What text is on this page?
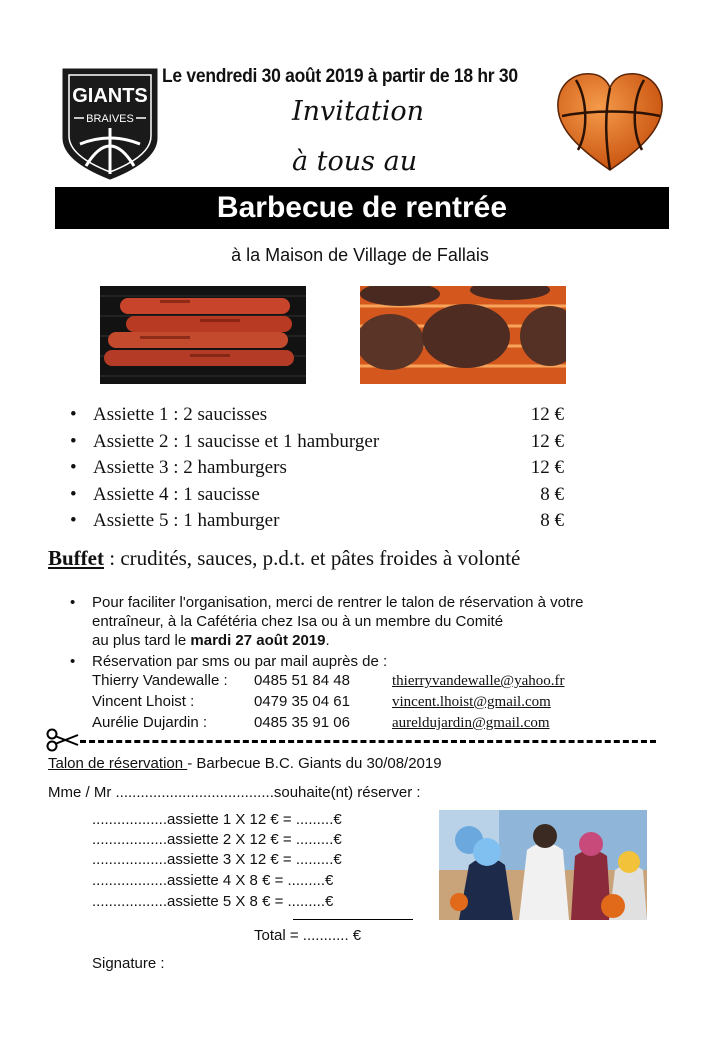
GIANTS
BRAIVES
Le vendredi 30 août 2019 à partir de 18 hr 30
Invitation
à tous au
Barbecue de rentrée
à la Maison de Village de Fallais
• Assiette 1 : 2 saucisses	12 €
• Assiette 2 : 1 saucisse et 1 hamburger	12 €
• Assiette 3 : 2 hamburgers	12 €
• Assiette 4 : 1 saucisse	8 €
• Assiette 5 : 1 hamburger	8 €
Buffet : crudités, sauces, p.d.t. et pâtes froides à volonté
• Pour faciliter l'organisation, merci de rentrer le talon de réservation à votre
entraîneur, à la Cafétéria chez Isa ou à un membre du Comité
au plus tard le mardi 27 août 2019.
• Réservation par sms ou par mail auprès de :
Thierry Vandewalle : 0485 51 84 48	thierryvandewalle@yahoo.fr
Vincent Lhoist :	0479 35 04 61	vincent.lhoist@gmail.com
Aurélie Dujardin :	0485 35 91 06	aureldujardin@gmail.com
Talon de réservation - Barbecue B.C. Giants du 30/08/2019
Mme / Mr ......................................souhaite(nt) réserver :
..................assiette 1 X 12 € = .........€
..................assiette 2 X 12 € = .........€
..................assiette 3 X 12 € = .........€
..................assiette 4 X 8 € = .........€
..................assiette 5 X 8 € = .........€
Total = ........... €
Signature :
